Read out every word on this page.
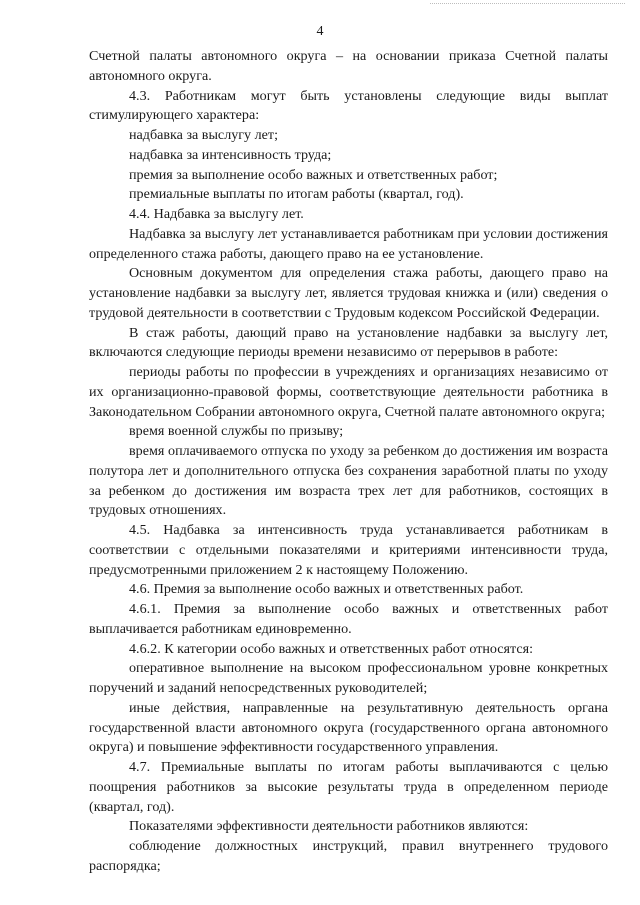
4

Счетной палаты автономного округа – на основании приказа Счетной палаты автономного округа.

4.3. Работникам могут быть установлены следующие виды выплат стимулирующего характера:

надбавка за выслугу лет;

надбавка за интенсивность труда;

премия за выполнение особо важных и ответственных работ;

премиальные выплаты по итогам работы (квартал, год).

4.4. Надбавка за выслугу лет.

Надбавка за выслугу лет устанавливается работникам при условии достижения определенного стажа работы, дающего право на ее установление.

Основным документом для определения стажа работы, дающего право на установление надбавки за выслугу лет, является трудовая книжка и (или) сведения о трудовой деятельности в соответствии с Трудовым кодексом Российской Федерации.

В стаж работы, дающий право на установление надбавки за выслугу лет, включаются следующие периоды времени независимо от перерывов в работе:

периоды работы по профессии в учреждениях и организациях независимо от их организационно-правовой формы, соответствующие деятельности работника в Законодательном Собрании автономного округа, Счетной палате автономного округа;

время военной службы по призыву;

время оплачиваемого отпуска по уходу за ребенком до достижения им возраста полутора лет и дополнительного отпуска без сохранения заработной платы по уходу за ребенком до достижения им возраста трех лет для работников, состоящих в трудовых отношениях.

4.5. Надбавка за интенсивность труда устанавливается работникам в соответствии с отдельными показателями и критериями интенсивности труда, предусмотренными приложением 2 к настоящему Положению.

4.6. Премия за выполнение особо важных и ответственных работ.

4.6.1. Премия за выполнение особо важных и ответственных работ выплачивается работникам единовременно.

4.6.2. К категории особо важных и ответственных работ относятся:

оперативное выполнение на высоком профессиональном уровне конкретных поручений и заданий непосредственных руководителей;

иные действия, направленные на результативную деятельность органа государственной власти автономного округа (государственного органа автономного округа) и повышение эффективности государственного управления.

4.7. Премиальные выплаты по итогам работы выплачиваются с целью поощрения работников за высокие результаты труда в определенном периоде (квартал, год).

Показателями эффективности деятельности работников являются:

соблюдение должностных инструкций, правил внутреннего трудового распорядка;
